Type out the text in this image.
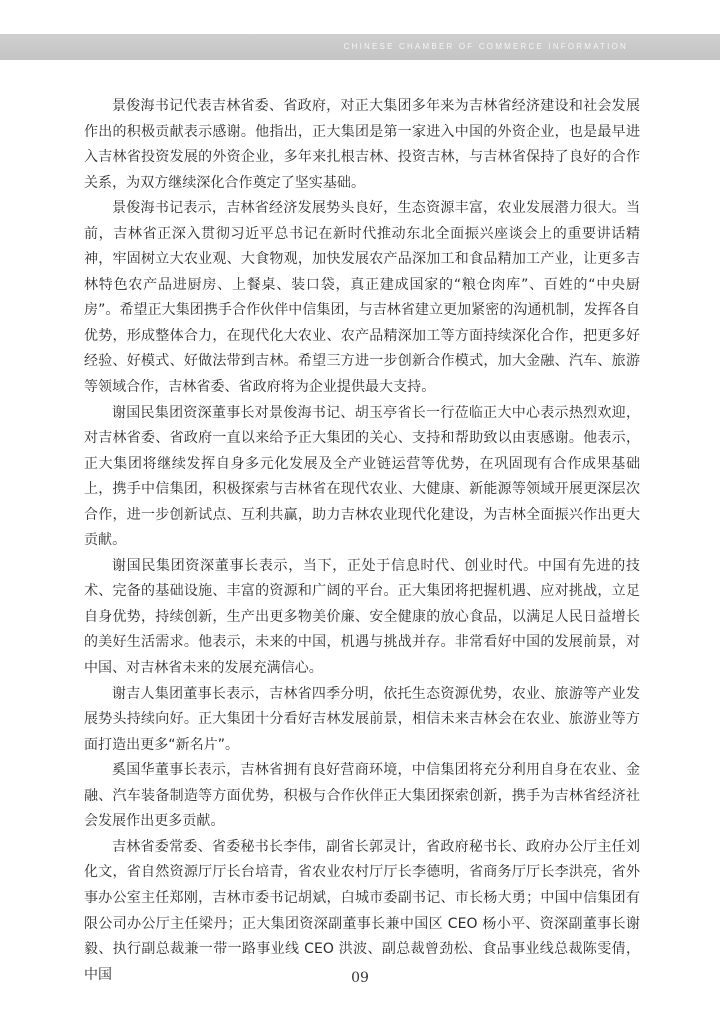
CHINESE CHAMBER OF COMMERCE INFORMATION

景俊海书记代表吉林省委、省政府，对正大集团多年来为吉林省经济建设和社会发展作出的积极贡献表示感谢。他指出，正大集团是第一家进入中国的外资企业，也是最早进入吉林省投资发展的外资企业，多年来扎根吉林、投资吉林，与吉林省保持了良好的合作关系，为双方继续深化合作奠定了坚实基础。

景俊海书记表示，吉林省经济发展势头良好，生态资源丰富，农业发展潜力很大。当前，吉林省正深入贯彻习近平总书记在新时代推动东北全面振兴座谈会上的重要讲话精神，牢固树立大农业观、大食物观，加快发展农产品深加工和食品精加工产业，让更多吉林特色农产品进厨房、上餐桌、装口袋，真正建成国家的“粮仓肉库”、百姓的“中央厨房”。希望正大集团携手合作伙伴中信集团，与吉林省建立更加紧密的沟通机制，发挥各自优势，形成整体合力，在现代化大农业、农产品精深加工等方面持续深化合作，把更多好经验、好模式、好做法带到吉林。希望三方进一步创新合作模式，加大金融、汽车、旅游等领域合作，吉林省委、省政府将为企业提供最大支持。

谢国民集团资深董事长对景俊海书记、胡玉亭省长一行莅临正大中心表示热烈欢迎，对吉林省委、省政府一直以来给予正大集团的关心、支持和帮助致以由衷感谢。他表示，正大集团将继续发挥自身多元化发展及全产业链运营等优势，在巩固现有合作成果基础上，携手中信集团，积极探索与吉林省在现代农业、大健康、新能源等领域开展更深层次合作，进一步创新试点、互利共赢，助力吉林农业现代化建设，为吉林全面振兴作出更大贡献。

谢国民集团资深董事长表示，当下，正处于信息时代、创业时代。中国有先进的技术、完备的基础设施、丰富的资源和广阔的平台。正大集团将把握机遇、应对挑战，立足自身优势，持续创新，生产出更多物美价廉、安全健康的放心食品，以满足人民日益增长的美好生活需求。他表示，未来的中国，机遇与挑战并存。非常看好中国的发展前景，对中国、对吉林省未来的发展充满信心。

谢吉人集团董事长表示，吉林省四季分明，依托生态资源优势，农业、旅游等产业发展势头持续向好。正大集团十分看好吉林发展前景，相信未来吉林会在农业、旅游业等方面打造出更多“新名片”。

奚国华董事长表示，吉林省拥有良好营商环境，中信集团将充分利用自身在农业、金融、汽车装备制造等方面优势，积极与合作伙伴正大集团探索创新，携手为吉林省经济社会发展作出更多贡献。

吉林省委常委、省委秘书长李伟，副省长郭灵计，省政府秘书长、政府办公厅主任刘化文，省自然资源厅厅长台培青，省农业农村厅厅长李德明，省商务厅厅长李洪亮，省外事办公室主任郑刚，吉林市委书记胡斌，白城市委副书记、市长杨大勇；中国中信集团有限公司办公厅主任梁丹；正大集团资深副董事长兼中国区 CEO 杨小平、资深副董事长谢毅、执行副总裁兼一带一路事业线 CEO 洪波、副总裁曾劲松、食品事业线总裁陈雯倩，中国	09
